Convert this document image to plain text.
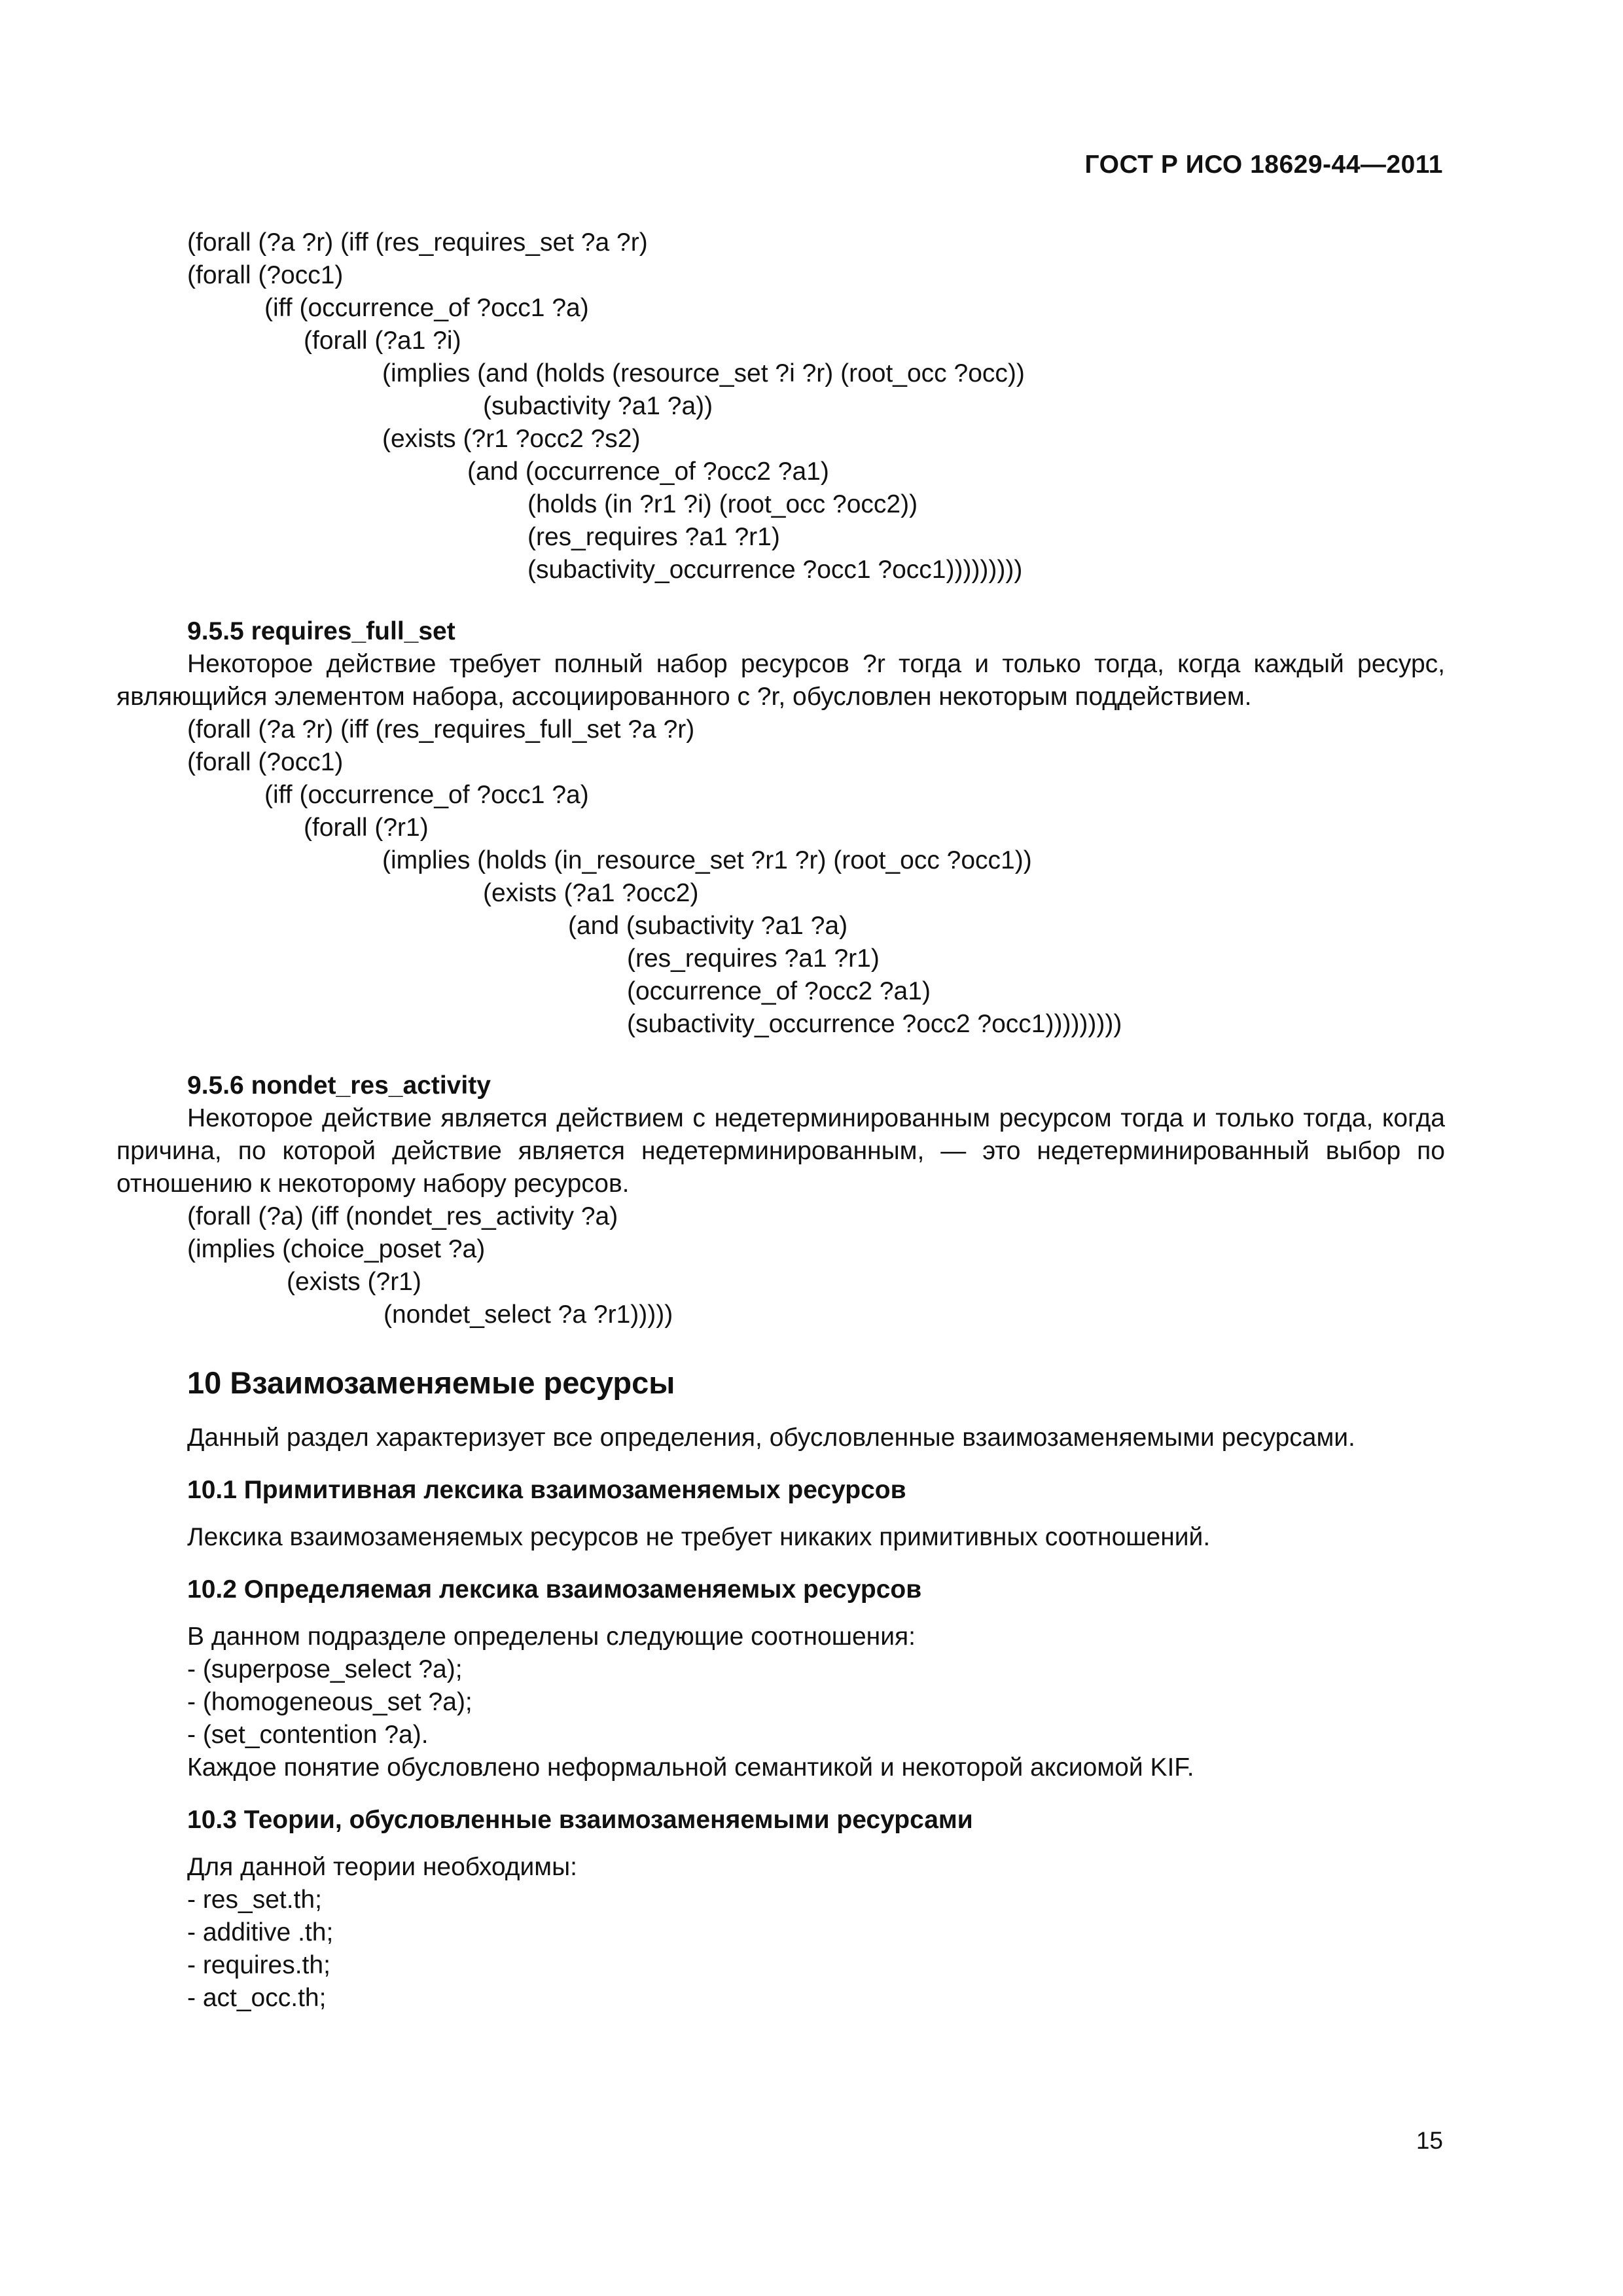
ГОСТ Р ИСО 18629-44—2011
(forall (?a ?r) (iff (res_requires_set ?a ?r)
(forall (?occ1)
(iff (occurrence_of ?occ1 ?a)
(forall (?a1 ?i)
(implies (and (holds (resource_set ?i ?r) (root_occ ?occ))
(subactivity ?a1 ?a))
(exists (?r1 ?occ2 ?s2)
(and (occurrence_of ?occ2 ?a1)
(holds (in ?r1 ?i) (root_occ ?occ2))
(res_requires ?a1 ?r1)
(subactivity_occurrence ?occ1 ?occ1)))))))))
9.5.5 requires_full_set
Некоторое действие требует полный набор ресурсов ?r тогда и только тогда, когда каждый ресурс, являющийся элементом набора, ассоциированного с ?r, обусловлен некоторым поддействием.
(forall (?a ?r) (iff (res_requires_full_set ?a ?r)
(forall (?occ1)
(iff (occurrence_of ?occ1 ?a)
(forall (?r1)
(implies (holds (in_resource_set ?r1 ?r) (root_occ ?occ1))
(exists (?a1 ?occ2)
(and (subactivity ?a1 ?a)
(res_requires ?a1 ?r1)
(occurrence_of ?occ2 ?a1)
(subactivity_occurrence ?occ2 ?occ1)))))))))
9.5.6 nondet_res_activity
Некоторое действие является действием с недетерминированным ресурсом тогда и только тогда, когда причина, по которой действие является недетерминированным, — это недетерминированный выбор по отношению к некоторому набору ресурсов.
(forall (?a) (iff (nondet_res_activity ?a)
(implies (choice_poset ?a)
(exists (?r1)
(nondet_select ?a ?r1)))))
10 Взаимозаменяемые ресурсы
Данный раздел характеризует все определения, обусловленные взаимозаменяемыми ресурсами.
10.1 Примитивная лексика взаимозаменяемых ресурсов
Лексика взаимозаменяемых ресурсов не требует никаких примитивных соотношений.
10.2 Определяемая лексика взаимозаменяемых ресурсов
В данном подразделе определены следующие соотношения:
- (superpose_select ?a);
- (homogeneous_set ?a);
- (set_contention ?a).
Каждое понятие обусловлено неформальной семантикой и некоторой аксиомой KIF.
10.3 Теории, обусловленные взаимозаменяемыми ресурсами
Для данной теории необходимы:
- res_set.th;
- additive .th;
- requires.th;
- act_occ.th;
15
